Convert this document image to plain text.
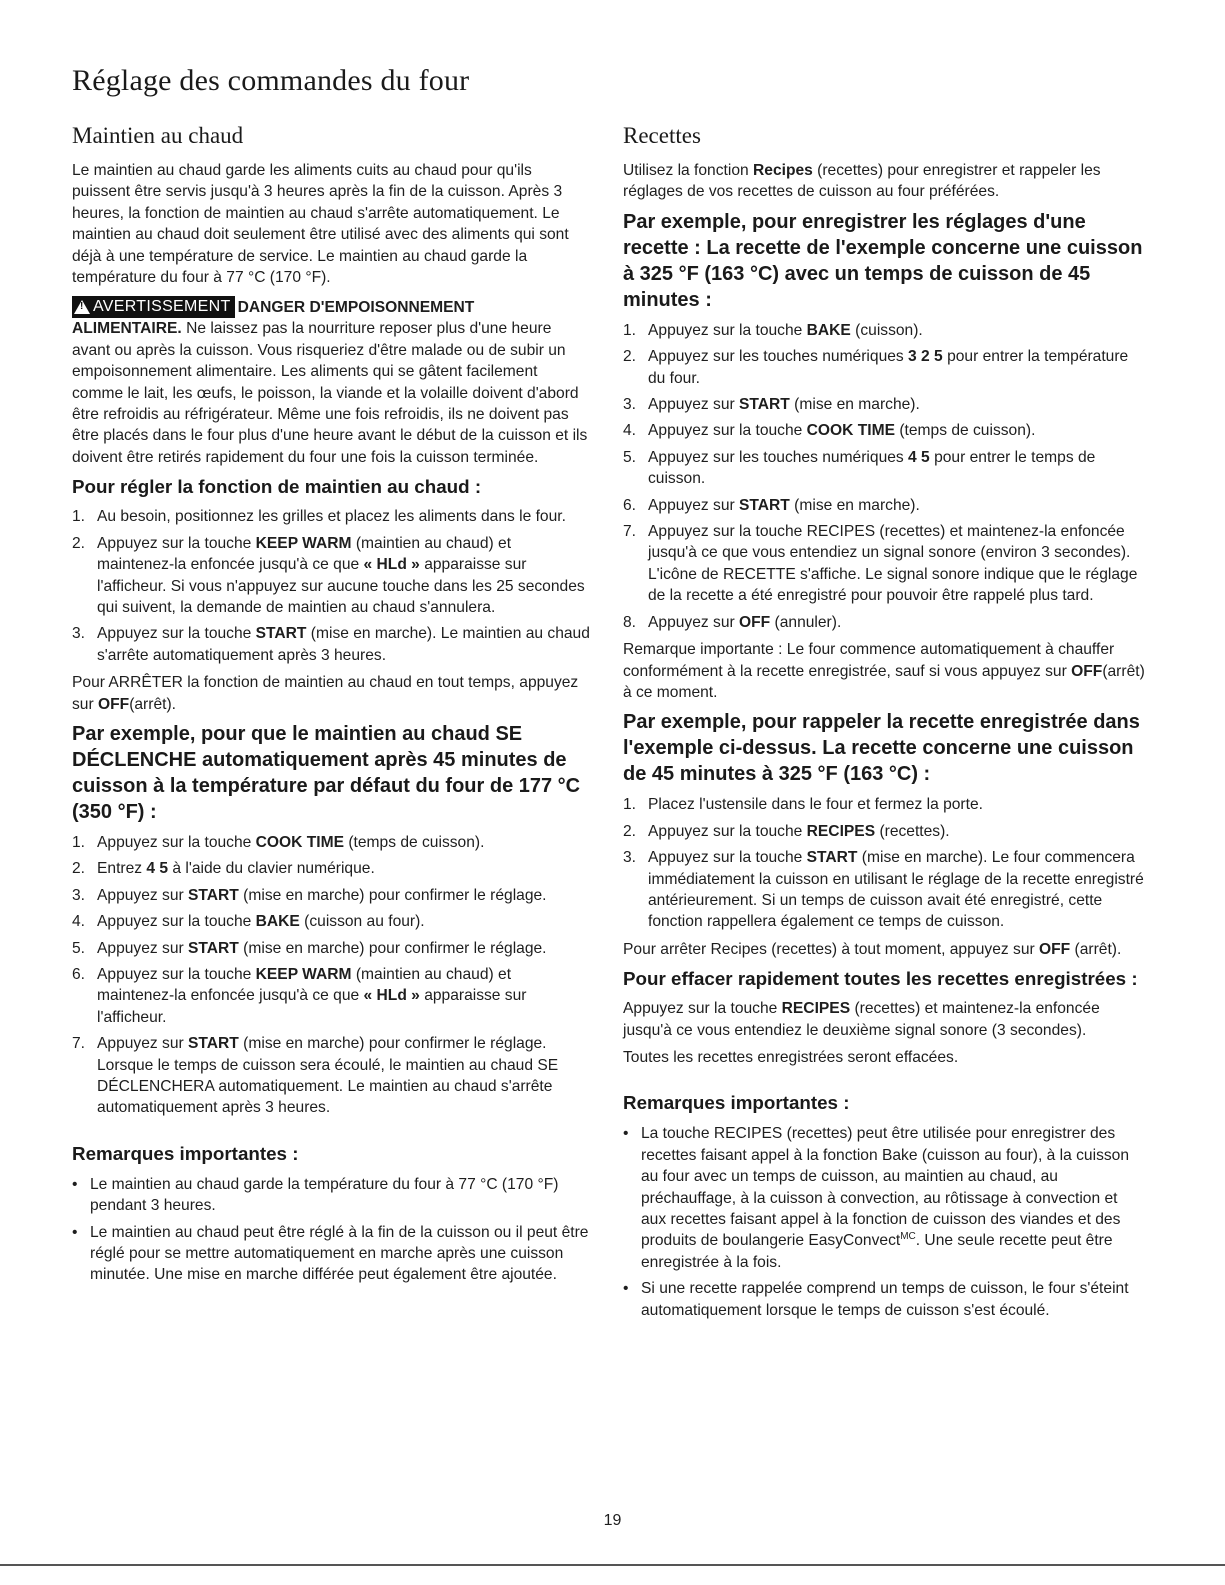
Réglage des commandes du four
Maintien au chaud

Le maintien au chaud garde les aliments cuits au chaud pour qu'ils puissent être servis jusqu'à 3 heures après la fin de la cuisson. Après 3 heures, la fonction de maintien au chaud s'arrête automatiquement. Le maintien au chaud doit seulement être utilisé avec des aliments qui sont déjà à une température de service. Le maintien au chaud garde la température du four à 77 °C (170 °F).

!
AVERTISSEMENT DANGER D'EMPOISONNEMENT

ALIMENTAIRE. Ne laissez pas la nourriture reposer plus d'une heure avant ou après la cuisson. Vous risqueriez d'être malade ou de subir un empoisonnement alimentaire. Les aliments qui se gâtent facilement comme le lait, les œufs, le poisson, la viande et la volaille doivent d'abord être refroidis au réfrigérateur. Même une fois refroidis, ils ne doivent pas être placés dans le four plus d'une heure avant le début de la cuisson et ils doivent être retirés rapidement du four une fois la cuisson terminée.

Pour régler la fonction de maintien au chaud :
1. Au besoin, positionnez les grilles et placez les aliments dans le four.
2. Appuyez sur la touche KEEP WARM (maintien au chaud) et maintenez-la enfoncée jusqu'à ce que « HLd » apparaisse sur l'afficheur. Si vous n'appuyez sur aucune touche dans les 25 secondes qui suivent, la demande de maintien au chaud s'annulera.
3. Appuyez sur la touche START (mise en marche). Le maintien au chaud s'arrête automatiquement après 3 heures.

Pour ARRÊTER la fonction de maintien au chaud en tout temps, appuyez sur OFF(arrêt).

Par exemple, pour que le maintien au chaud SE DÉCLENCHE automatiquement après 45 minutes de cuisson à la température par défaut du four de 177 °C (350 °F) :
1. Appuyez sur la touche COOK TIME (temps de cuisson).
2. Entrez 4 5 à l'aide du clavier numérique.
3. Appuyez sur START (mise en marche) pour confirmer le réglage.
4. Appuyez sur la touche BAKE (cuisson au four).
5. Appuyez sur START (mise en marche) pour confirmer le réglage.
6. Appuyez sur la touche KEEP WARM (maintien au chaud) et maintenez-la enfoncée jusqu'à ce que « HLd » apparaisse sur l'afficheur.
7. Appuyez sur START (mise en marche) pour confirmer le réglage. Lorsque le temps de cuisson sera écoulé, le maintien au chaud SE DÉCLENCHERA automatiquement. Le maintien au chaud s'arrête automatiquement après 3 heures.
Remarques importantes :
• Le maintien au chaud garde la température du four à 77 °C (170 °F) pendant 3 heures.
• Le maintien au chaud peut être réglé à la fin de la cuisson ou il peut être réglé pour se mettre automatiquement en marche après une cuisson minutée. Une mise en marche différée peut également être ajoutée.
Recettes

Utilisez la fonction Recipes (recettes) pour enregistrer et rappeler les réglages de vos recettes de cuisson au four préférées.

Par exemple, pour enregistrer les réglages d'une recette : La recette de l'exemple concerne une cuisson à 325 °F (163 °C) avec un temps de cuisson de 45 minutes :
1. Appuyez sur la touche BAKE (cuisson).
2. Appuyez sur les touches numériques 3 2 5 pour entrer la température du four.
3. Appuyez sur START (mise en marche).
4. Appuyez sur la touche COOK TIME (temps de cuisson).
5. Appuyez sur les touches numériques 4 5 pour entrer le temps de cuisson.
6. Appuyez sur START (mise en marche).
7. Appuyez sur la touche RECIPES (recettes) et maintenez-la enfoncée jusqu'à ce que vous entendiez un signal sonore (environ 3 secondes). L'icône de RECETTE s'affiche. Le signal sonore indique que le réglage de la recette a été enregistré pour pouvoir être rappelé plus tard.
8. Appuyez sur OFF (annuler).

Remarque importante : Le four commence automatiquement à chauffer conformément à la recette enregistrée, sauf si vous appuyez sur OFF(arrêt) à ce moment.

Par exemple, pour rappeler la recette enregistrée dans l'exemple ci-dessus. La recette concerne une cuisson de 45 minutes à 325 °F (163 °C) :
1. Placez l'ustensile dans le four et fermez la porte.
2. Appuyez sur la touche RECIPES (recettes).
3. Appuyez sur la touche START (mise en marche). Le four commencera immédiatement la cuisson en utilisant le réglage de la recette enregistré antérieurement. Si un temps de cuisson avait été enregistré, cette fonction rappellera également ce temps de cuisson.

Pour arrêter Recipes (recettes) à tout moment, appuyez sur OFF (arrêt).

Pour effacer rapidement toutes les recettes enregistrées :

Appuyez sur la touche RECIPES (recettes) et maintenez-la enfoncée jusqu'à ce vous entendiez le deuxième signal sonore (3 secondes).

Toutes les recettes enregistrées seront effacées.

Remarques importantes :
• La touche RECIPES (recettes) peut être utilisée pour enregistrer des recettes faisant appel à la fonction Bake (cuisson au four), à la cuisson au four avec un temps de cuisson, au maintien au chaud, au préchauffage, à la cuisson à convection, au rôtissage à convection et aux recettes faisant appel à la fonction de cuisson des viandes et des produits de boulangerie EasyConvect$^{MC}$. Une seule recette peut être enregistrée à la fois.
• Si une recette rappelée comprend un temps de cuisson, le four s'éteint automatiquement lorsque le temps de cuisson s'est écoulé.
19
